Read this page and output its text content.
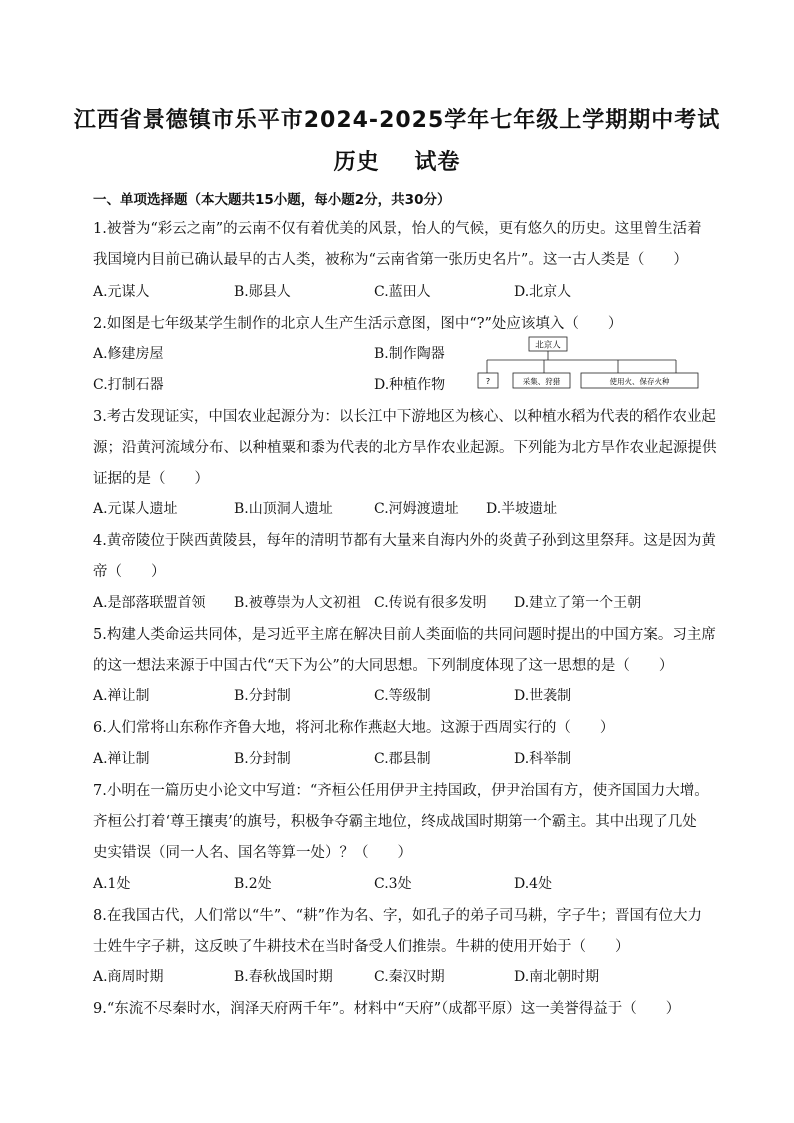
江西省景德镇市乐平市2024-2025学年七年级上学期期中考试
历史 试卷
一、单项选择题（本大题共15小题，每小题2分，共30分）
1.被誉为“彩云之南”的云南不仅有着优美的风景，怡人的气候，更有悠久的历史。这里曾生活着
我国境内目前已确认最早的古人类，被称为“云南省第一张历史名片”。这一古人类是（　　）
A.元谋人	B.郧县人	C.蓝田人	D.北京人
2.如图是七年级某学生制作的北京人生产生活示意图，图中“?”处应该填入（　　）
A.修建房屋	B.制作陶器
C.打制石器	D.种植作物
北京人
?	采集、狩猎	使用火、保存火种
3.考古发现证实，中国农业起源分为：以长江中下游地区为核心、以种植水稻为代表的稻作农业起
源；沿黄河流域分布、以种植粟和黍为代表的北方旱作农业起源。下列能为北方旱作农业起源提供
证据的是（　　）
A.元谋人遗址	B.山顶洞人遗址	C.河姆渡遗址 D.半坡遗址
4.黄帝陵位于陕西黄陵县，每年的清明节都有大量来自海内外的炎黄子孙到这里祭拜。这是因为黄
帝（　　）
A.是部落联盟首领 B.被尊崇为人文初祖 C.传说有很多发明 D.建立了第一个王朝
5.构建人类命运共同体，是习近平主席在解决目前人类面临的共同问题时提出的中国方案。习主席
的这一想法来源于中国古代“天下为公”的大同思想。下列制度体现了这一思想的是（　　）
A.禅让制	B.分封制	C.等级制	D.世袭制
6.人们常将山东称作齐鲁大地，将河北称作燕赵大地。这源于西周实行的（　　）
A.禅让制	B.分封制	C.郡县制	D.科举制
7.小明在一篇历史小论文中写道：“齐桓公任用伊尹主持国政，伊尹治国有方，使齐国国力大增。
齐桓公打着‘尊王攘夷’的旗号，积极争夺霸主地位，终成战国时期第一个霸主。其中出现了几处
史实错误（同一人名、国名等算一处）？（　　）
A.1处	B.2处	C.3处	D.4处
8.在我国古代，人们常以“牛”、“耕”作为名、字，如孔子的弟子司马耕，字子牛；晋国有位大力
士姓牛字子耕，这反映了牛耕技术在当时备受人们推崇。牛耕的使用开始于（　　）
A.商周时期	B.春秋战国时期	C.秦汉时期	D.南北朝时期
9.“东流不尽秦时水，润泽天府两千年”。材料中“天府”（成都平原）这一美誉得益于（　　）
